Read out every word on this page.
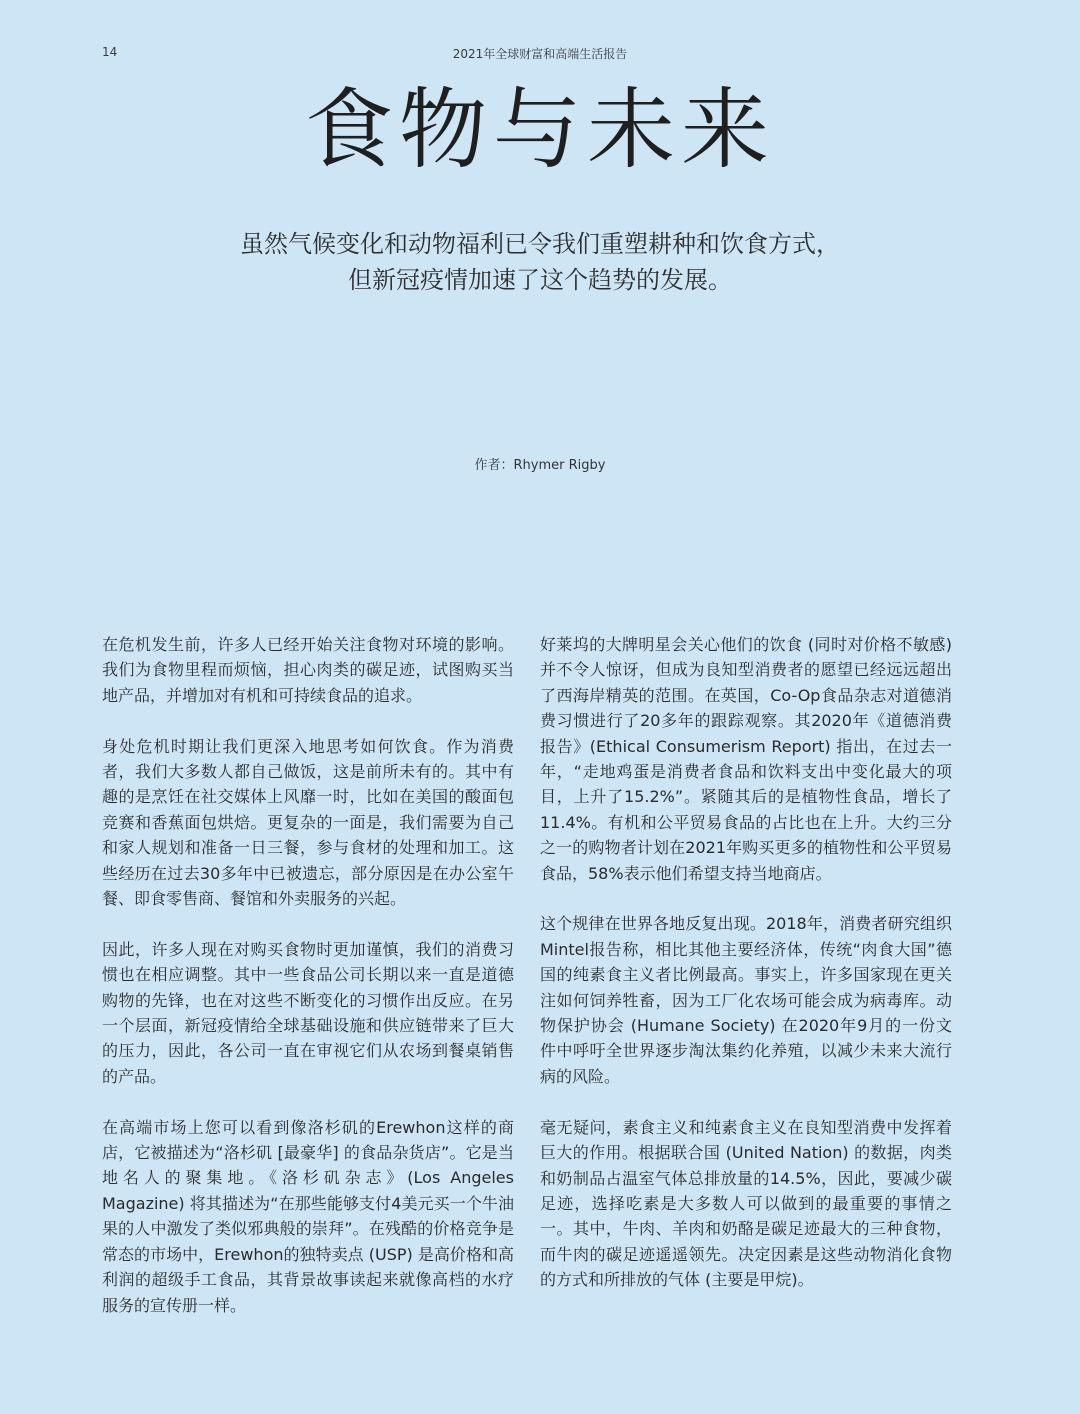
14	2021年全球财富和高端生活报告
食物与未来
虽然气候变化和动物福利已令我们重塑耕种和饮食方式，
但新冠疫情加速了这个趋势的发展。
作者：Rhymer Rigby

在危机发生前，许多人已经开始关注食物对环境的影响。我们为食物里程而烦恼，担心肉类的碳足迹，试图购买当地产品，并增加对有机和可持续食品的追求。

身处危机时期让我们更深入地思考如何饮食。作为消费者，我们大多数人都自己做饭，这是前所未有的。其中有趣的是烹饪在社交媒体上风靡一时，比如在美国的酸面包竞赛和香蕉面包烘焙。更复杂的一面是，我们需要为自己和家人规划和准备一日三餐，参与食材的处理和加工。这些经历在过去30多年中已被遗忘，部分原因是在办公室午餐、即食零售商、餐馆和外卖服务的兴起。

因此，许多人现在对购买食物时更加谨慎，我们的消费习惯也在相应调整。其中一些食品公司长期以来一直是道德购物的先锋，也在对这些不断变化的习惯作出反应。在另一个层面，新冠疫情给全球基础设施和供应链带来了巨大的压力，因此，各公司一直在审视它们从农场到餐桌销售的产品。

在高端市场上您可以看到像洛杉矶的Erewhon这样的商店，它被描述为“洛杉矶 [最豪华] 的食品杂货店”。它是当地名人的聚集地。《洛杉矶杂志》(Los Angeles Magazine) 将其描述为“在那些能够支付4美元买一个牛油果的人中激发了类似邪典般的崇拜”。在残酷的价格竞争是常态的市场中，Erewhon的独特卖点 (USP) 是高价格和高利润的超级手工食品，其背景故事读起来就像高档的水疗服务的宣传册一样。

好莱坞的大牌明星会关心他们的饮食 (同时对价格不敏感) 并不令人惊讶，但成为良知型消费者的愿望已经远远超出了西海岸精英的范围。在英国，Co-Op食品杂志对道德消费习惯进行了20多年的跟踪观察。其2020年《道德消费报告》(Ethical Consumerism Report) 指出，在过去一年，“走地鸡蛋是消费者食品和饮料支出中变化最大的项目，上升了15.2%”。紧随其后的是植物性食品，增长了11.4%。有机和公平贸易食品的占比也在上升。大约三分之一的购物者计划在2021年购买更多的植物性和公平贸易食品，58%表示他们希望支持当地商店。

这个规律在世界各地反复出现。2018年，消费者研究组织Mintel报告称，相比其他主要经济体，传统“肉食大国”德国的纯素食主义者比例最高。事实上，许多国家现在更关注如何饲养牲畜，因为工厂化农场可能会成为病毒库。动物保护协会 (Humane Society) 在2020年9月的一份文件中呼吁全世界逐步淘汰集约化养殖，以减少未来大流行病的风险。

毫无疑问，素食主义和纯素食主义在良知型消费中发挥着巨大的作用。根据联合国 (United Nation) 的数据，肉类和奶制品占温室气体总排放量的14.5%，因此，要减少碳足迹，选择吃素是大多数人可以做到的最重要的事情之一。其中，牛肉、羊肉和奶酪是碳足迹最大的三种食物，而牛肉的碳足迹遥遥领先。决定因素是这些动物消化食物的方式和所排放的气体 (主要是甲烷)。
